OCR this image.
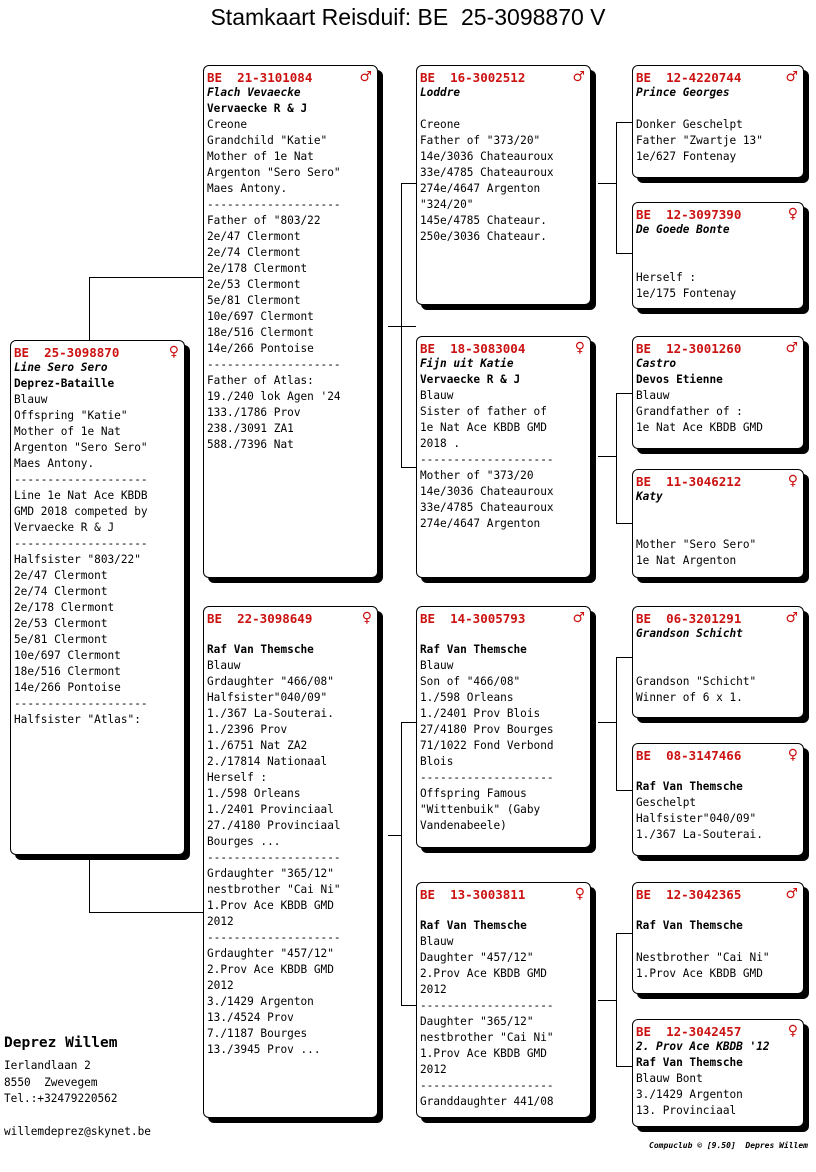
Stamkaart Reisduif: BE  25-3098870 V
BE  25-3098870	♀
Line Sero Sero
Deprez-Bataille
Blauw
Offspring "Katie"
Mother of 1e Nat
Argenton "Sero Sero"
Maes Antony.
--------------------
Line 1e Nat Ace KBDB
GMD 2018 competed by
Vervaecke R & J
--------------------
Halfsister "803/22"
2e/47 Clermont
2e/74 Clermont
2e/178 Clermont
2e/53 Clermont
5e/81 Clermont
10e/697 Clermont
18e/516 Clermont
14e/266 Pontoise
--------------------
Halfsister "Atlas":
BE  21-3101084	♂
Flach Vevaecke
Vervaecke R & J
Creone
Grandchild "Katie"
Mother of 1e Nat
Argenton "Sero Sero"
Maes Antony.
--------------------
Father of "803/22
2e/47 Clermont
2e/74 Clermont
2e/178 Clermont
2e/53 Clermont
5e/81 Clermont
10e/697 Clermont
18e/516 Clermont
14e/266 Pontoise
--------------------
Father of Atlas:
19./240 lok Agen '24
133./1786 Prov
238./3091 ZA1
588./7396 Nat
BE  22-3098649	♀
Raf Van Themsche
Blauw
Grdaughter "466/08"
Halfsister"040/09"
1./367 La-Souterai.
1./2396 Prov
1./6751 Nat ZA2
2./17814 Nationaal
Herself :
1./598 Orleans
1./2401 Provinciaal
27./4180 Provinciaal
Bourges ...
--------------------
Grdaughter "365/12"
nestbrother "Cai Ni"
1.Prov Ace KBDB GMD
2012
--------------------
Grdaughter "457/12"
2.Prov Ace KBDB GMD
2012
3./1429 Argenton
13./4524 Prov
7./1187 Bourges
13./3945 Prov ...
BE  16-3002512	♂
Loddre
Creone
Father of "373/20"
14e/3036 Chateauroux
33e/4785 Chateauroux
274e/4647 Argenton
"324/20"
145e/4785 Chateaur.
250e/3036 Chateaur.
BE  18-3083004	♀
Fijn uit Katie
Vervaecke R & J
Blauw
Sister of father of
1e Nat Ace KBDB GMD
2018 .
--------------------
Mother of "373/20
14e/3036 Chateauroux
33e/4785 Chateauroux
274e/4647 Argenton
BE  14-3005793	♂
Raf Van Themsche
Blauw
Son of "466/08"
1./598 Orleans
1./2401 Prov Blois
27/4180 Prov Bourges
71/1022 Fond Verbond
Blois
--------------------
Offspring Famous
"Wittenbuik" (Gaby
Vandenabeele)
BE  13-3003811	♀
Raf Van Themsche
Blauw
Daughter "457/12"
2.Prov Ace KBDB GMD
2012
--------------------
Daughter "365/12"
nestbrother "Cai Ni"
1.Prov Ace KBDB GMD
2012
--------------------
Granddaughter 441/08
BE  12-4220744	♂
Prince Georges
Donker Geschelpt
Father "Zwartje 13"
1e/627 Fontenay
BE  12-3097390	♀
De Goede Bonte
Herself :
1e/175 Fontenay
BE  12-3001260	♂
Castro
Devos Etienne
Blauw
Grandfather of :
1e Nat Ace KBDB GMD
BE  11-3046212	♀
Katy
Mother "Sero Sero"
1e Nat Argenton
BE  06-3201291	♂
Grandson Schicht
Grandson "Schicht"
Winner of 6 x 1.
BE  08-3147466	♀
Raf Van Themsche
Geschelpt
Halfsister"040/09"
1./367 La-Souterai.
BE  12-3042365	♂
Raf Van Themsche
Nestbrother "Cai Ni"
1.Prov Ace KBDB GMD
BE  12-3042457	♀
2. Prov Ace KBDB '12
Raf Van Themsche
Blauw Bont
3./1429 Argenton
13. Provinciaal
Deprez Willem
Ierlandlaan 2
8550  Zwevegem
Tel.:+32479220562
willemdeprez@skynet.be
Compuclub © [9.50]  Depres Willem
